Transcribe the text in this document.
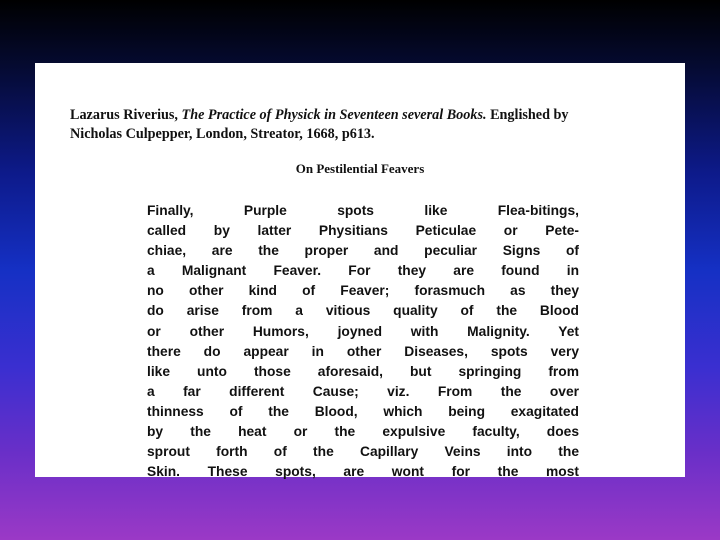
Lazarus Riverius, The Practice of Physick in Seventeen several Books. Englished by
Nicholas Culpepper, London, Streator, 1668, p613.

On Pestilential Feavers

Finally, Purple spots like Flea-bitings,
called by latter Physitians Peticulae or Pete-
chiae, are the proper and peculiar Signs of
a Malignant Feaver. For they are found in
no other kind of Feaver; forasmuch as they
do arise from a vitious quality of the Blood
or other Humors, joyned with Malignity. Yet
there do appear in other Diseases, spots very
like unto those aforesaid, but springing from
a far different Cause; viz. From the over
thinness of the Blood, which being exagitated
by the heat or the expulsive faculty, does
sprout forth of the Capillary Veins into the
Skin. These spots, are wont for the most
